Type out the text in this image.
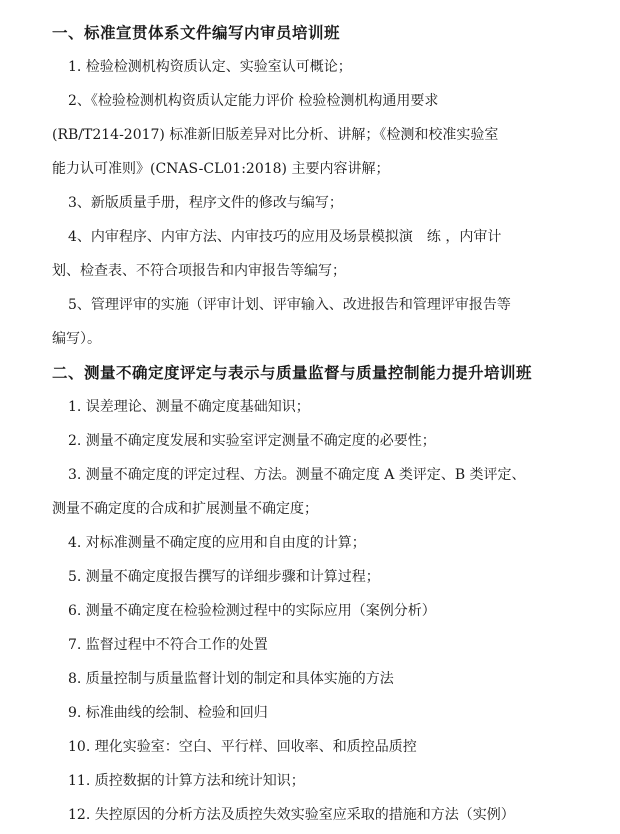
一、标准宣贯体系文件编写内审员培训班
1. 检验检测机构资质认定、实验室认可概论；
2、《检验检测机构资质认定能力评价 检验检测机构通用要求
(RB/T214-2017) 标准新旧版差异对比分析、讲解；《检测和校准实验室
能力认可准则》(CNAS-CL01:2018) 主要内容讲解；
3、新版质量手册，程序文件的修改与编写；
4、内审程序、内审方法、内审技巧的应用及场景模拟演　练 ，内审计
划、检查表、不符合项报告和内审报告等编写；
5、管理评审的实施（评审计划、评审输入、改进报告和管理评审报告等
编写）。
二、测量不确定度评定与表示与质量监督与质量控制能力提升培训班
1. 误差理论、测量不确定度基础知识；
2. 测量不确定度发展和实验室评定测量不确定度的必要性；
3. 测量不确定度的评定过程、方法。测量不确定度 A 类评定、B 类评定、
测量不确定度的合成和扩展测量不确定度；
4. 对标准测量不确定度的应用和自由度的计算；
5. 测量不确定度报告撰写的详细步骤和计算过程；
6. 测量不确定度在检验检测过程中的实际应用（案例分析）
7. 监督过程中不符合工作的处置
8. 质量控制与质量监督计划的制定和具体实施的方法
9. 标准曲线的绘制、检验和回归
10. 理化实验室：空白、平行样、回收率、和质控品质控
11. 质控数据的计算方法和统计知识；
12. 失控原因的分析方法及质控失效实验室应采取的措施和方法（实例）
